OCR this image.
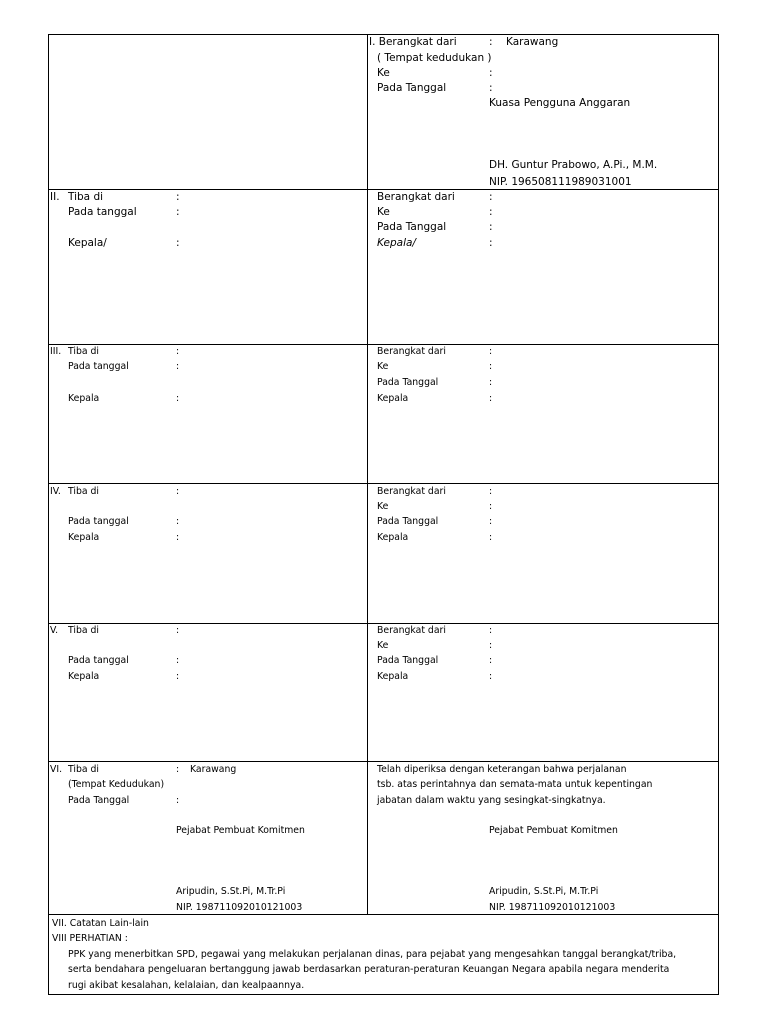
I. Berangkat dari	: Karawang
( Tempat kedudukan )
Ke	:
Pada Tanggal	:
Kuasa Pengguna Anggaran
DH. Guntur Prabowo, A.Pi., M.M.
NIP. 196508111989031001
II. Tiba di	:
Pada tanggal	:
Kepala/	:
Berangkat dari	:
Ke	:
Pada Tanggal	:
Kepala/	:
III. Tiba di	:
Pada tanggal	:
Kepala	:
Berangkat dari	:
Ke	:
Pada Tanggal	:
Kepala	:
IV. Tiba di	:
Pada tanggal	:
Kepala	:
Berangkat dari	:
Ke	:
Pada Tanggal	:
Kepala	:
V. Tiba di	:
Pada tanggal	:
Kepala	:
Berangkat dari	:
Ke	:
Pada Tanggal	:
Kepala	:
VI. Tiba di	: Karawang
(Tempat Kedudukan)
Pada Tanggal	:
Pejabat Pembuat Komitmen
Aripudin, S.St.Pi, M.Tr.Pi
NIP. 198711092010121003
Telah diperiksa dengan keterangan bahwa perjalanan
tsb. atas perintahnya dan semata-mata untuk kepentingan
jabatan dalam waktu yang sesingkat-singkatnya.
Pejabat Pembuat Komitmen
Aripudin, S.St.Pi, M.Tr.Pi
NIP. 198711092010121003
VII. Catatan Lain-lain
VIII PERHATIAN :
PPK yang menerbitkan SPD, pegawai yang melakukan perjalanan dinas, para pejabat yang mengesahkan tanggal berangkat/triba,
serta bendahara pengeluaran bertanggung jawab berdasarkan peraturan-peraturan Keuangan Negara apabila negara menderita
rugi akibat kesalahan, kelalaian, dan kealpaannya.
